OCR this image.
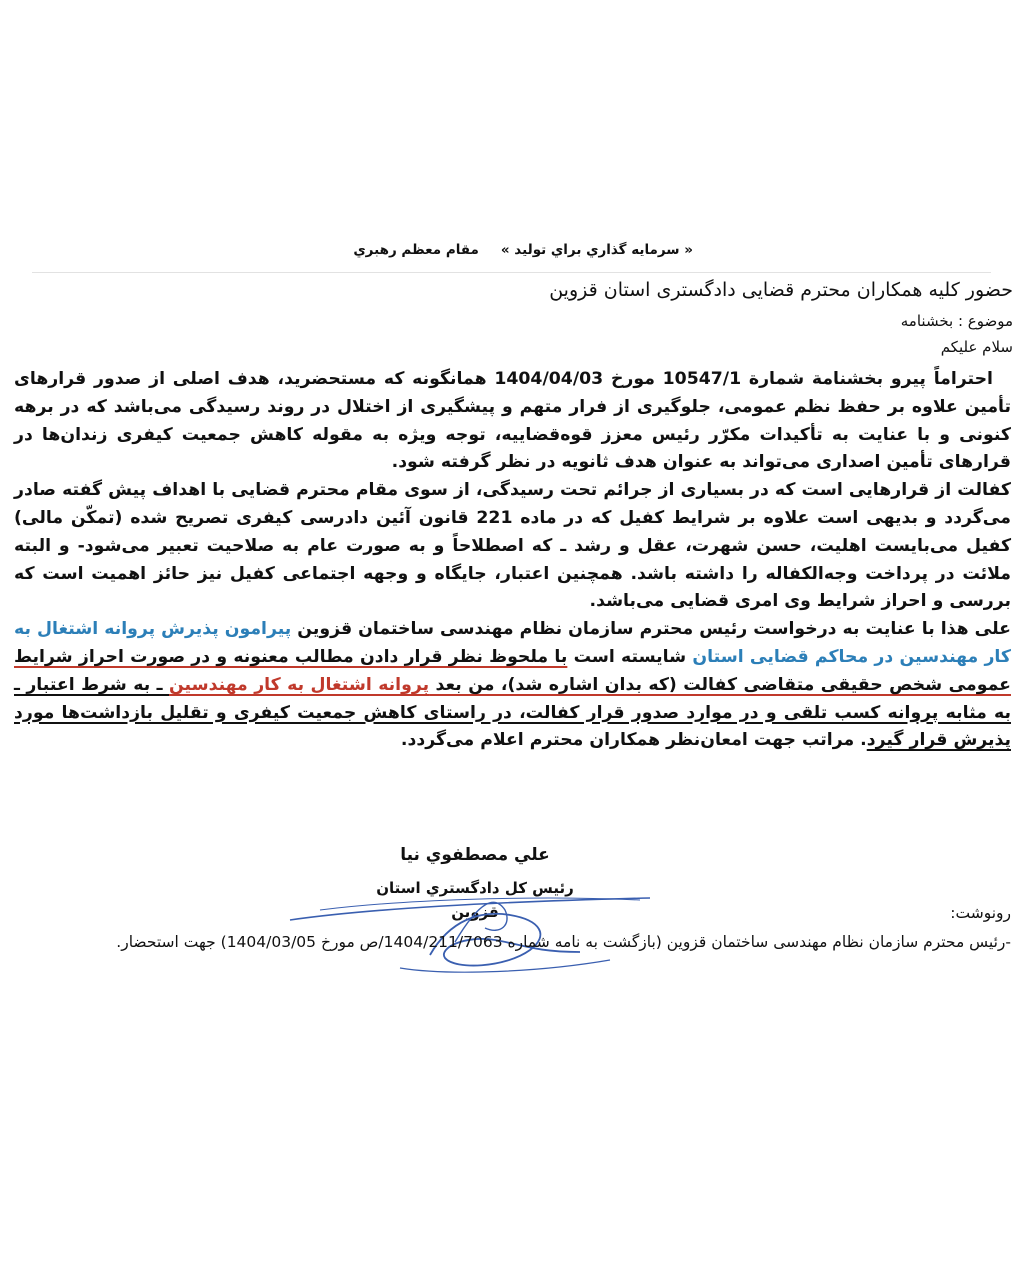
« سرمايه گذاري براي توليد »
مقام معظم رهبري
حضور كليه همكاران محترم قضايی دادگستری استان قزوين
موضوع : بخشنامه
سلام عليكم

احتراماً پيرو بخشنامة شمارة 10547/1 مورخ 1404/04/03 همانگونه كه مستحضريد، هدف اصلی از صدور قرارهای تأمين علاوه بر حفظ نظم عمومی، جلوگيری از فرار متهم و پيشگيری از اختلال در روند رسيدگی می‌باشد كه در برهه كنونی و با عنايت به تأكيدات مكرّر رئيس معزز قوه‌قضاييه، توجه ويژه به مقوله كاهش جمعيت كيفری زندان‌ها در قرارهای تأمين اصداری می‌تواند به عنوان هدف ثانويه در نظر گرفته شود.

كفالت از قرارهايی است كه در بسياری از جرائم تحت رسيدگی، از سوی مقام محترم قضايی با اهداف پيش گفته صادر می‌گردد و بديهی است علاوه بر شرايط كفيل كه در ماده 221 قانون آئين دادرسی كيفری تصريح شده (تمكّن مالی) كفيل می‌بايست اهليت، حسن شهرت، عقل و رشد ـ كه اصطلاحاً و به صورت عام به صلاحيت تعبير می‌شود- و البته ملائت در پرداخت وجه‌الكفاله را داشته باشد. همچنين اعتبار، جايگاه و وجهه اجتماعی كفيل نيز حائز اهميت است كه بررسی و احراز شرايط وی امری قضايی می‌باشد.

علی هذا با عنايت به درخواست رئيس محترم سازمان نظام مهندسی ساختمان قزوين پيرامون پذيرش پروانه اشتغال به كار مهندسين در محاكم قضايی استان شايسته است با ملحوظ نظر قرار دادن مطالب معنونه و در صورت احراز شرايط عمومی شخص حقيقی متقاضی كفالت (كه بدان اشاره شد)، من بعد پروانه اشتغال به كار مهندسين ـ به شرط اعتبار ـ به مثابه پروانه كسب تلقی و در موارد صدور قرار كفالت، در راستای كاهش جمعيت كيفری و تقليل بازداشت‌ها مورد پذيرش قرار گيرد. مراتب جهت امعان‌نظر همكاران محترم اعلام می‌گردد.

علي مصطفوي نيا
رئيس كل دادگستري استان قزوين	رونوشت:

-رئيس محترم سازمان نظام مهندسی ساختمان قزوين (بازگشت به نامه شماره 1404/211/7063/ص مورخ 1404/03/05) جهت استحضار.
